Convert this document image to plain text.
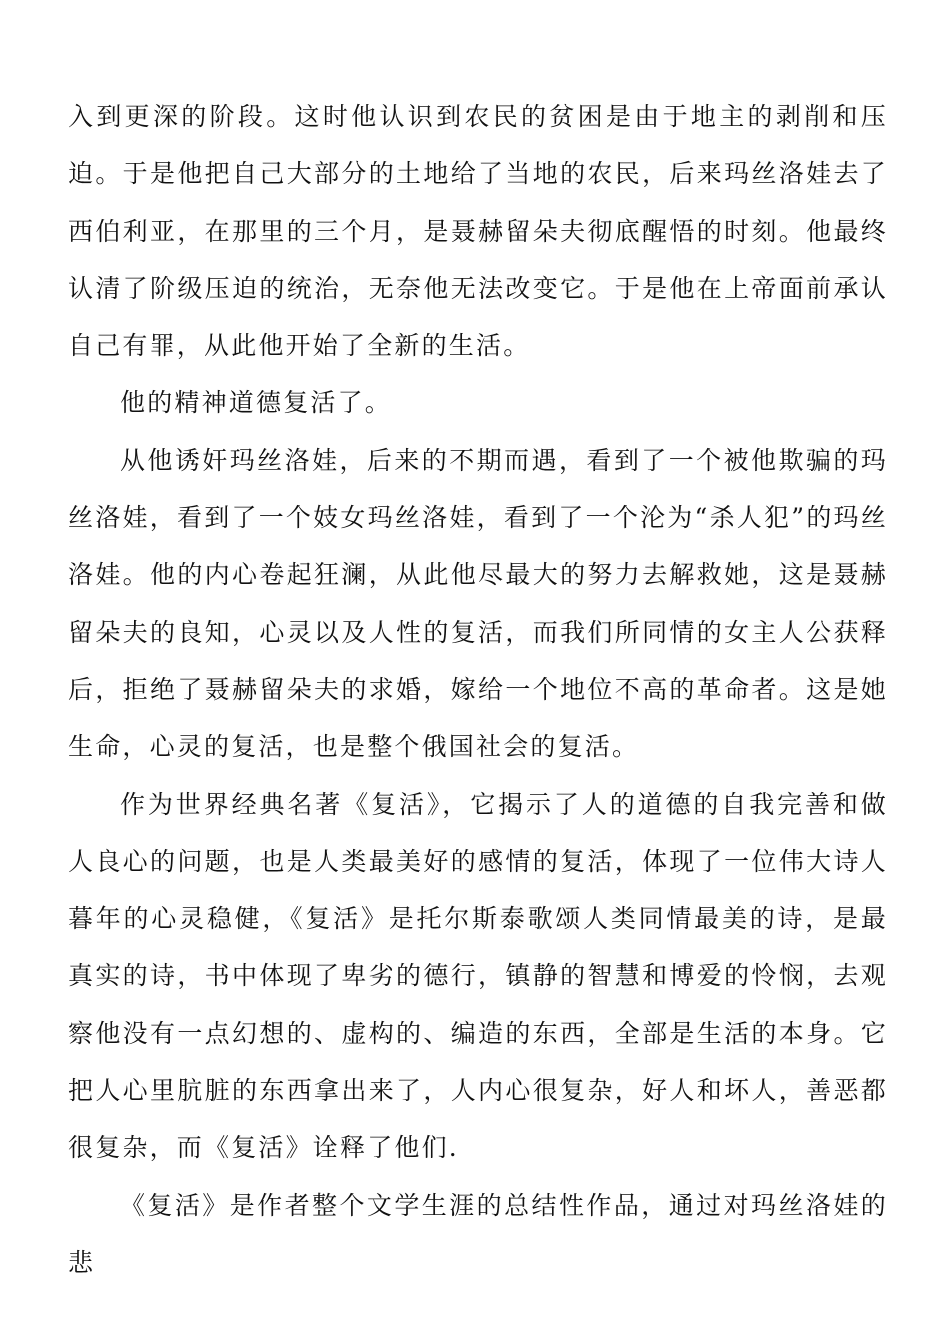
入到更深的阶段。这时他认识到农民的贫困是由于地主的剥削和压迫。于是他把自己大部分的土地给了当地的农民，后来玛丝洛娃去了西伯利亚，在那里的三个月，是聂赫留朵夫彻底醒悟的时刻。他最终认清了阶级压迫的统治，无奈他无法改变它。于是他在上帝面前承认自己有罪，从此他开始了全新的生活。

他的精神道德复活了。

从他诱奸玛丝洛娃，后来的不期而遇，看到了一个被他欺骗的玛丝洛娃，看到了一个妓女玛丝洛娃，看到了一个沦为“杀人犯”的玛丝洛娃。他的内心卷起狂澜，从此他尽最大的努力去解救她，这是聂赫留朵夫的良知，心灵以及人性的复活，而我们所同情的女主人公获释后，拒绝了聂赫留朵夫的求婚，嫁给一个地位不高的革命者。这是她生命，心灵的复活，也是整个俄国社会的复活。

作为世界经典名著《复活》，它揭示了人的道德的自我完善和做人良心的问题，也是人类最美好的感情的复活，体现了一位伟大诗人暮年的心灵稳健，《复活》是托尔斯泰歌颂人类同情最美的诗，是最真实的诗，书中体现了卑劣的德行，镇静的智慧和博爱的怜悯，去观察他没有一点幻想的、虚构的、编造的东西，全部是生活的本身。它把人心里肮脏的东西拿出来了，人内心很复杂，好人和坏人，善恶都很复杂，而《复活》诠释了他们.

《复活》是作者整个文学生涯的总结性作品，通过对玛丝洛娃的悲
